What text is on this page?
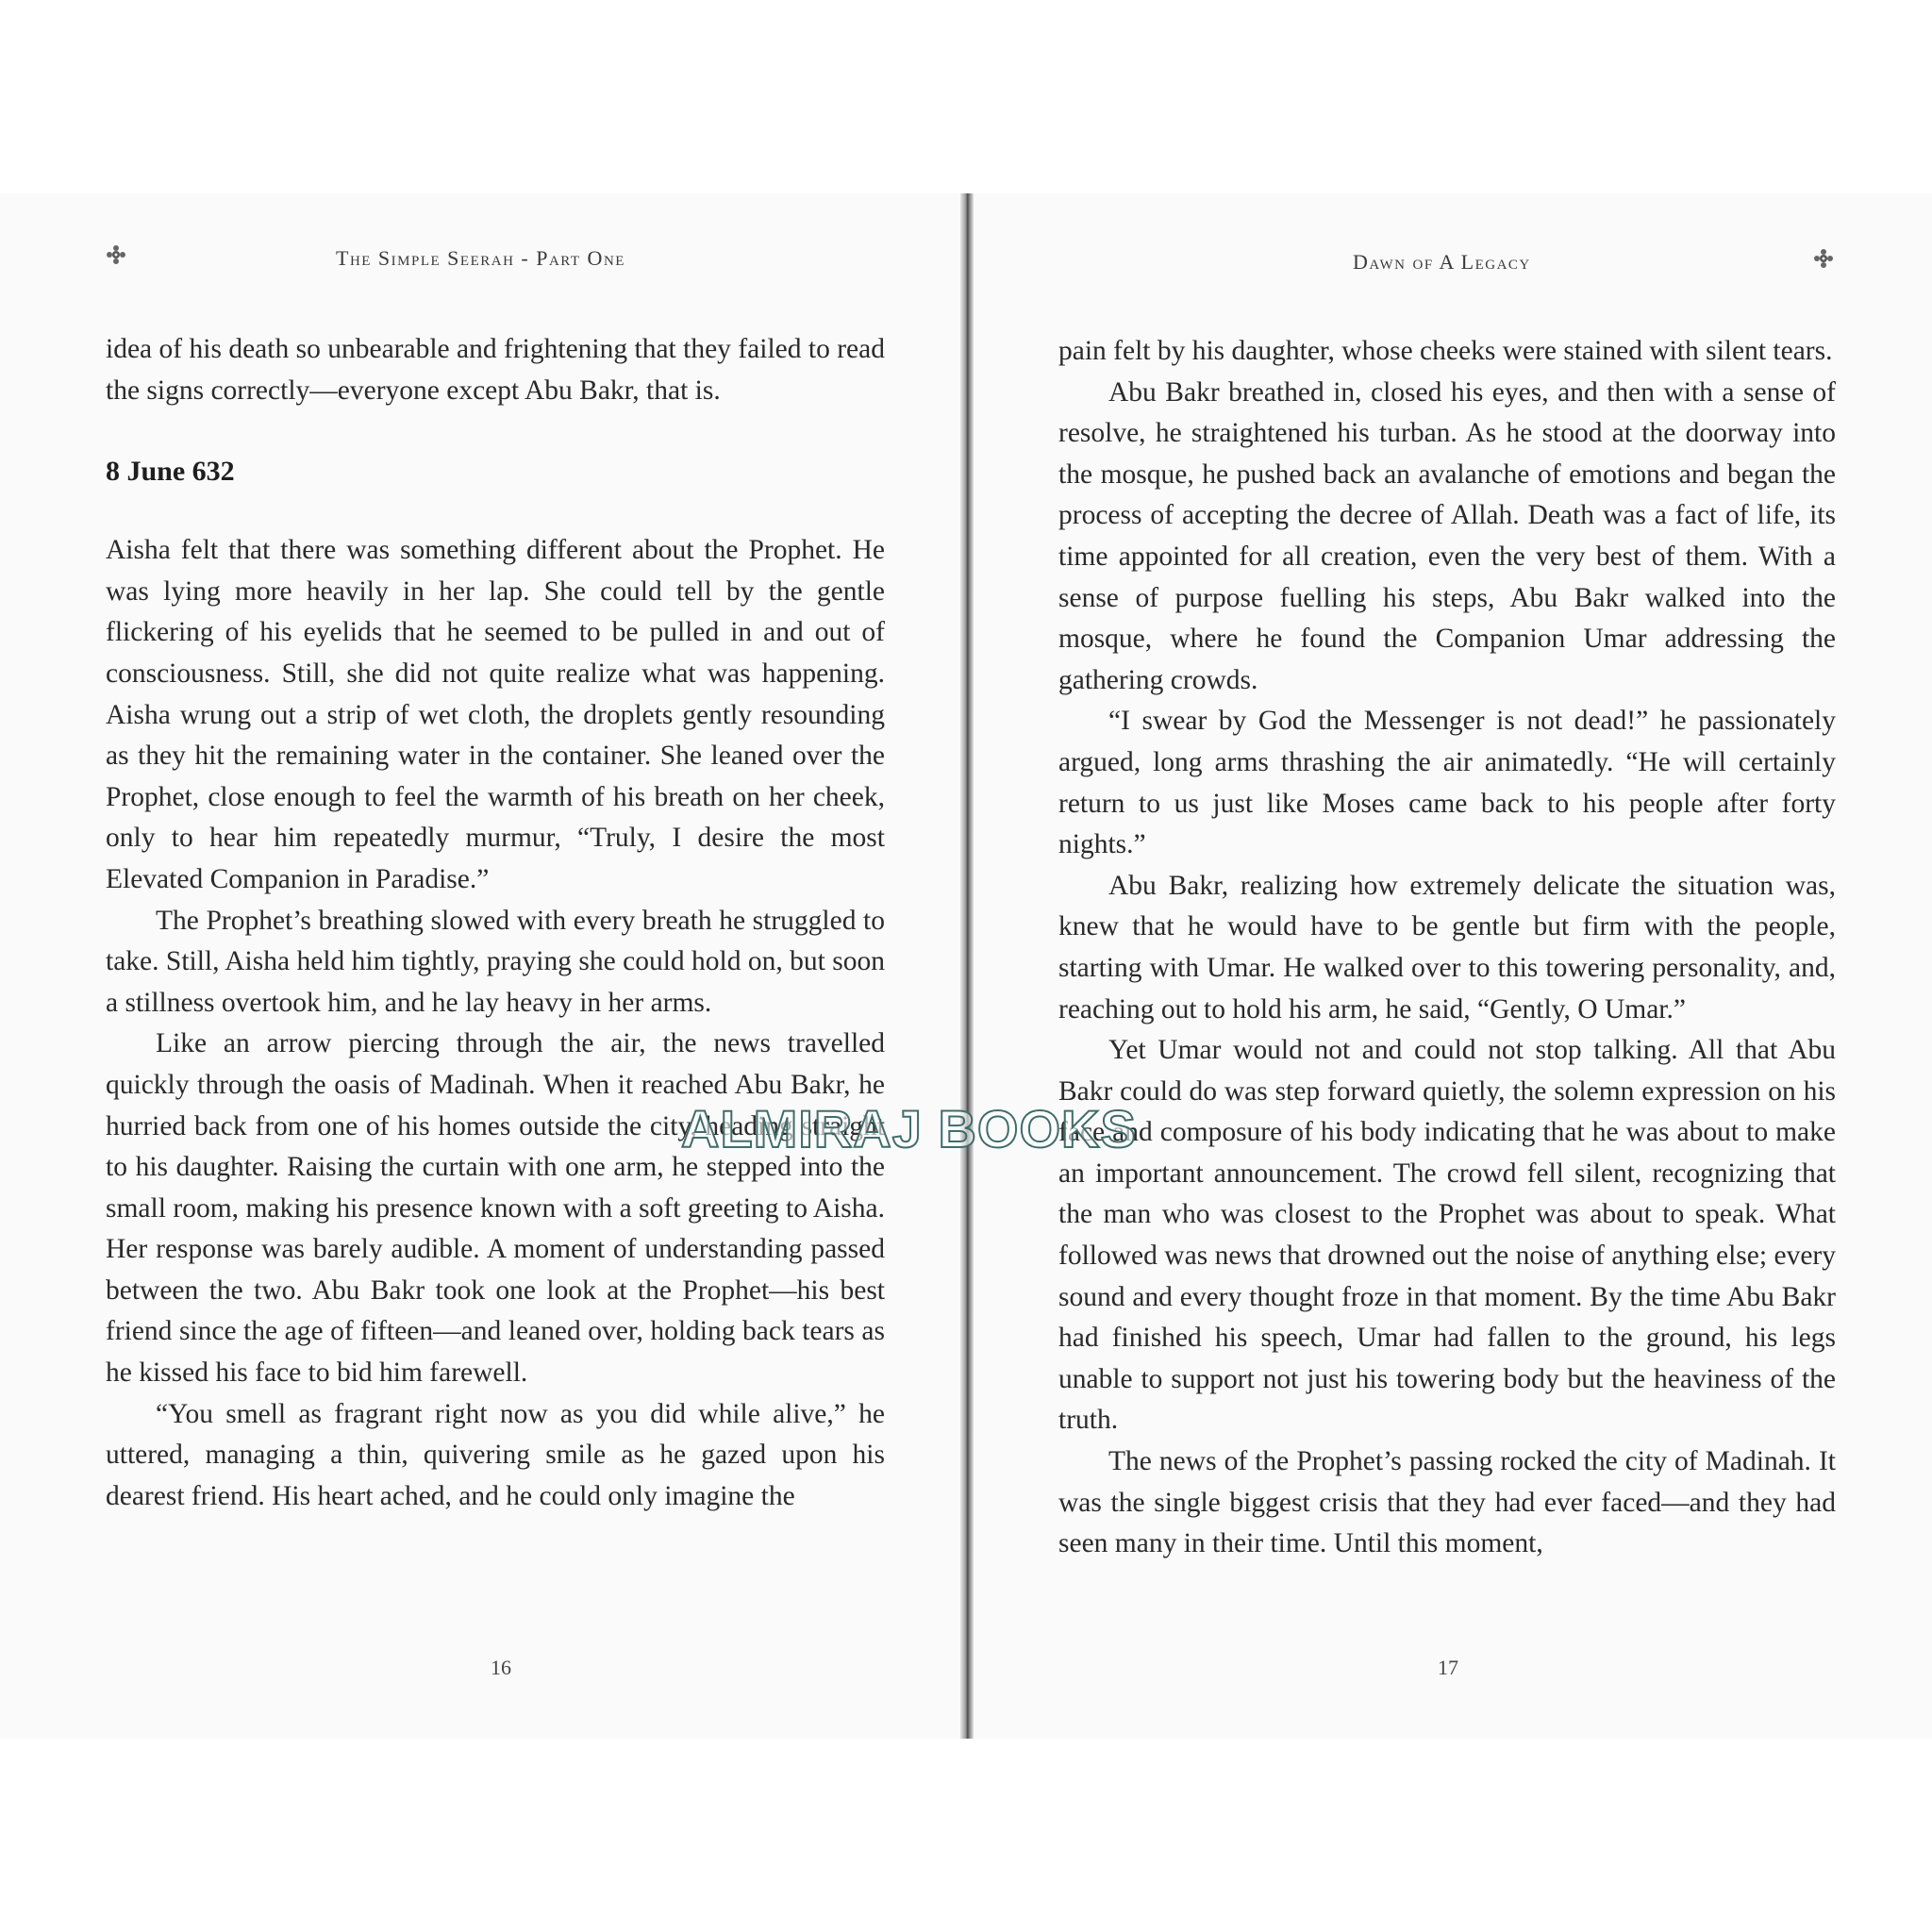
The Simple Seerah - Part One

idea of his death so unbearable and frightening that they failed to read the signs correctly—everyone except Abu Bakr, that is.

8 June 632

Aisha felt that there was something different about the Prophet. He was lying more heavily in her lap. She could tell by the gentle flickering of his eyelids that he seemed to be pulled in and out of consciousness. Still, she did not quite realize what was happening. Aisha wrung out a strip of wet cloth, the droplets gently resounding as they hit the remaining water in the container. She leaned over the Prophet, close enough to feel the warmth of his breath on her cheek, only to hear him repeatedly murmur, “Truly, I desire the most Elevated Companion in Paradise.”

The Prophet’s breathing slowed with every breath he struggled to take. Still, Aisha held him tightly, praying she could hold on, but soon a stillness overtook him, and he lay heavy in her arms.

Like an arrow piercing through the air, the news travelled quickly through the oasis of Madinah. When it reached Abu Bakr, he hurried back from one of his homes outside the city, heading straight to his daughter. Raising the curtain with one arm, he stepped into the small room, making his presence known with a soft greeting to Aisha. Her response was barely audible. A moment of understanding passed between the two. Abu Bakr took one look at the Prophet—his best friend since the age of fifteen—and leaned over, holding back tears as he kissed his face to bid him farewell.

“You smell as fragrant right now as you did while alive,” he uttered, managing a thin, quivering smile as he gazed upon his dearest friend. His heart ached, and he could only imagine the

16
Dawn of A Legacy

pain felt by his daughter, whose cheeks were stained with silent tears.

Abu Bakr breathed in, closed his eyes, and then with a sense of resolve, he straightened his turban. As he stood at the doorway into the mosque, he pushed back an avalanche of emotions and began the process of accepting the decree of Allah. Death was a fact of life, its time appointed for all creation, even the very best of them. With a sense of purpose fuelling his steps, Abu Bakr walked into the mosque, where he found the Companion Umar addressing the gathering crowds.

“I swear by God the Messenger is not dead!” he passionately argued, long arms thrashing the air animatedly. “He will certainly return to us just like Moses came back to his people after forty nights.”

Abu Bakr, realizing how extremely delicate the situation was, knew that he would have to be gentle but firm with the people, starting with Umar. He walked over to this towering personality, and, reaching out to hold his arm, he said, “Gently, O Umar.”

Yet Umar would not and could not stop talking. All that Abu Bakr could do was step forward quietly, the solemn expression on his face and composure of his body indicating that he was about to make an important announcement. The crowd fell silent, recognizing that the man who was closest to the Prophet was about to speak. What followed was news that drowned out the noise of anything else; every sound and every thought froze in that moment. By the time Abu Bakr had finished his speech, Umar had fallen to the ground, his legs unable to support not just his towering body but the heaviness of the truth.

The news of the Prophet’s passing rocked the city of Madinah. It was the single biggest crisis that they had ever faced—and they had seen many in their time. Until this moment,

17
ALMIRAJ BOOKS
